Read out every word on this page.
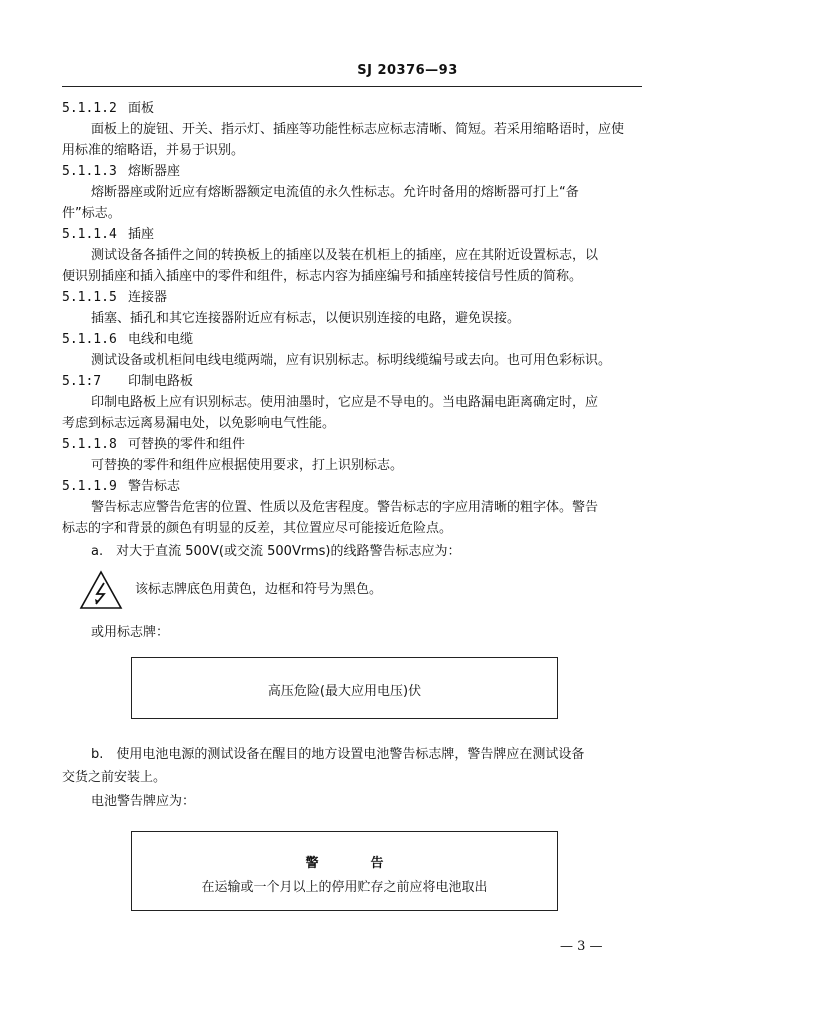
SJ 20376—93
5.1.1.2 面板
面板上的旋钮、开关、指示灯、插座等功能性标志应标志清晰、简短。若采用缩略语时，应使
用标准的缩略语，并易于识别。
5.1.1.3 熔断器座
熔断器座或附近应有熔断器额定电流值的永久性标志。允许时备用的熔断器可打上“备
件”标志。
5.1.1.4 插座
测试设备各插件之间的转换板上的插座以及装在机柜上的插座，应在其附近设置标志，以
便识别插座和插入插座中的零件和组件，标志内容为插座编号和插座转接信号性质的简称。
5.1.1.5 连接器
插塞、插孔和其它连接器附近应有标志，以便识别连接的电路，避免误接。
5.1.1.6 电线和电缆
测试设备或机柜间电线电缆两端，应有识别标志。标明线缆编号或去向。也可用色彩标识。
5.1:7 印制电路板
印制电路板上应有识别标志。使用油墨时，它应是不导电的。当电路漏电距离确定时，应
考虑到标志远离易漏电处，以免影响电气性能。
5.1.1.8 可替换的零件和组件
可替换的零件和组件应根据使用要求，打上识别标志。
5.1.1.9 警告标志
警告标志应警告危害的位置、性质以及危害程度。警告标志的字应用清晰的粗字体。警告
标志的字和背景的颜色有明显的反差，其位置应尽可能接近危险点。
a.　对大于直流 500V(或交流 500Vrms)的线路警告标志应为：
该标志牌底色用黄色，边框和符号为黑色。
或用标志牌：
高压危险(最大应用电压)伏
b.　使用电池电源的测试设备在醒目的地方设置电池警告标志牌，警告牌应在测试设备
交货之前安装上。
电池警告牌应为：
警　　　　告
在运输或一个月以上的停用贮存之前应将电池取出
— 3 —
